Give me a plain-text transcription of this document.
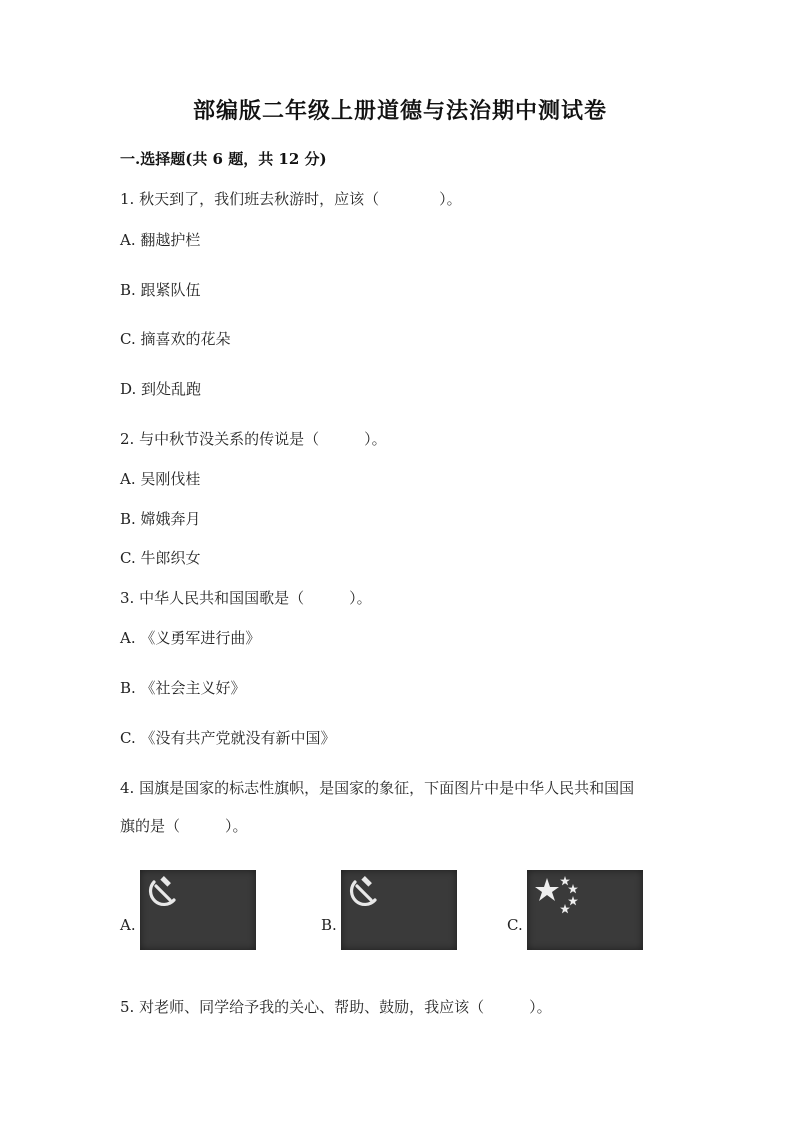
部编版二年级上册道德与法治期中测试卷
一.选择题(共 6 题，共 12 分)
1. 秋天到了，我们班去秋游时，应该（　　　　）。
A. 翻越护栏
B. 跟紧队伍
C. 摘喜欢的花朵
D. 到处乱跑
2. 与中秋节没关系的传说是（　　　）。
A. 吴刚伐桂
B. 嫦娥奔月
C. 牛郎织女
3. 中华人民共和国国歌是（　　　）。
A. 《义勇军进行曲》
B. 《社会主义好》
C. 《没有共产党就没有新中国》
4. 国旗是国家的标志性旗帜，是国家的象征，下面图片中是中华人民共和国国
旗的是（　　　）。
A.	B.	C.
5. 对老师、同学给予我的关心、帮助、鼓励，我应该（　　　）。
